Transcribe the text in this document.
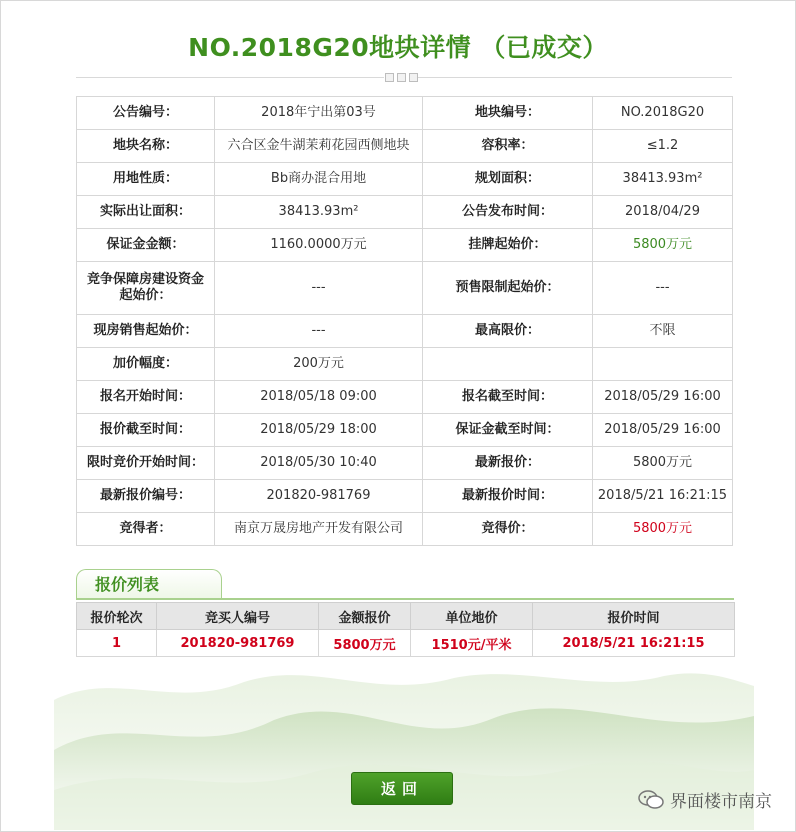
NO.2018G20地块详情 （已成交）
公告编号：	2018年宁出第03号	地块编号：	NO.2018G20
地块名称：	六合区金牛湖茉莉花园西侧地块	容积率：	≤1.2
用地性质：	Bb商办混合用地	规划面积：	38413.93m²
实际出让面积：	38413.93m²	公告发布时间：	2018/04/29
保证金金额：	1160.0000万元	挂牌起始价：	5800万元
竞争保障房建设资金起始价：	---	预售限制起始价：	---
现房销售起始价：	---	最高限价：	不限
加价幅度：	200万元		
报名开始时间：	2018/05/18 09:00	报名截至时间：	2018/05/29 16:00
报价截至时间：	2018/05/29 18:00	保证金截至时间：	2018/05/29 16:00
限时竞价开始时间：	2018/05/30 10:40	最新报价：	5800万元
最新报价编号：	201820-981769	最新报价时间：	2018/5/21 16:21:15
竞得者：	南京万晟房地产开发有限公司	竞得价：	5800万元
报价列表
报价轮次	竞买人编号	金额报价	单位地价	报价时间
1	201820-981769	5800万元	1510元/平米	2018/5/21 16:21:15
返回
界面楼市南京
